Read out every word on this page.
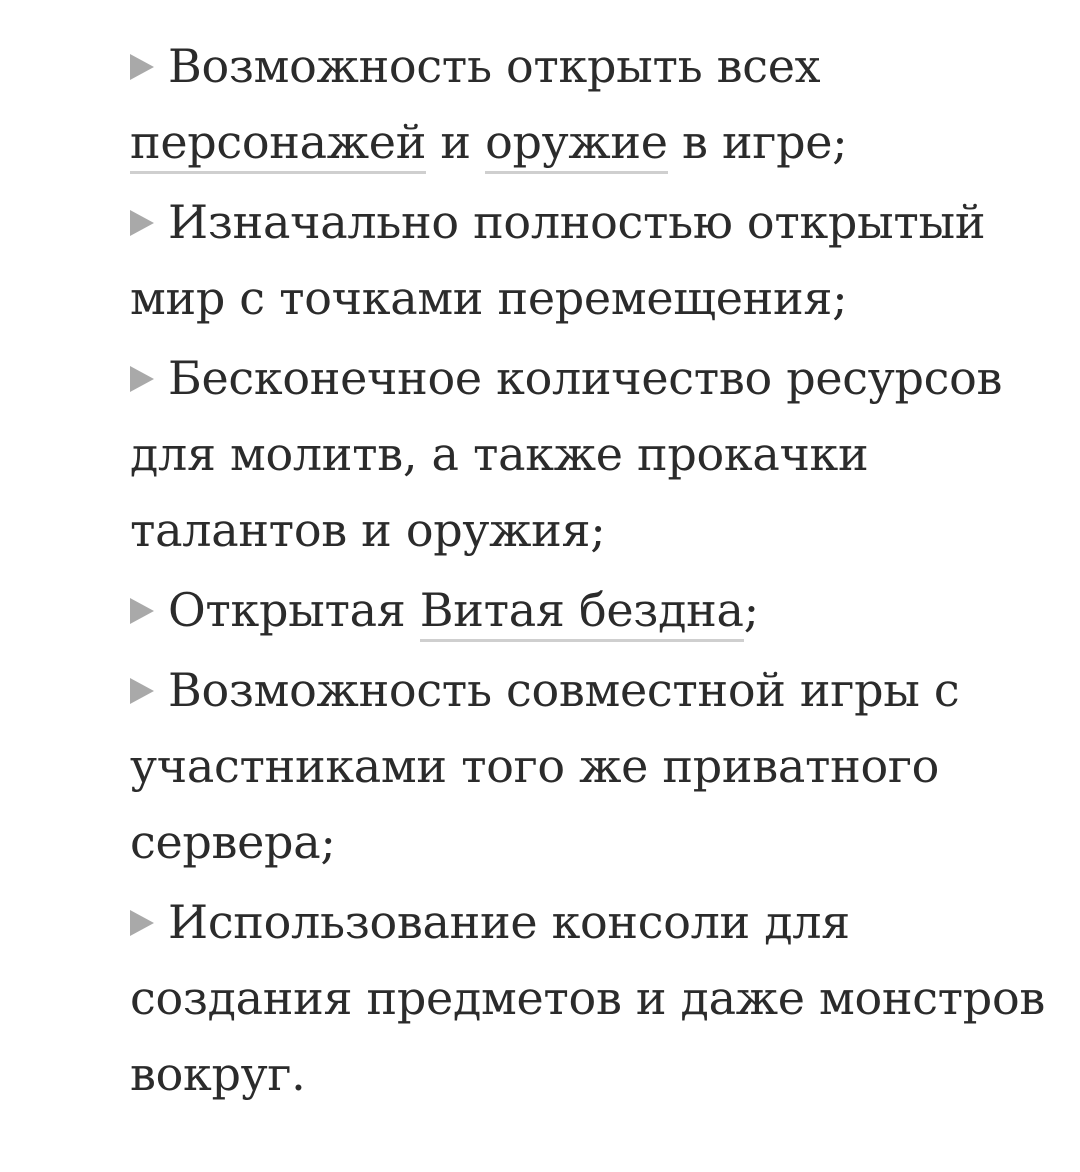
Возможность открыть всех персонажей и оружие в игре;
Изначально полностью открытый мир с точками перемещения;
Бесконечное количество ресурсов для молитв, а также прокачки талантов и оружия;
Открытая Витая бездна;
Возможность совместной игры с участниками того же приватного сервера;
Использование консоли для создания предметов и даже монстров вокруг.
